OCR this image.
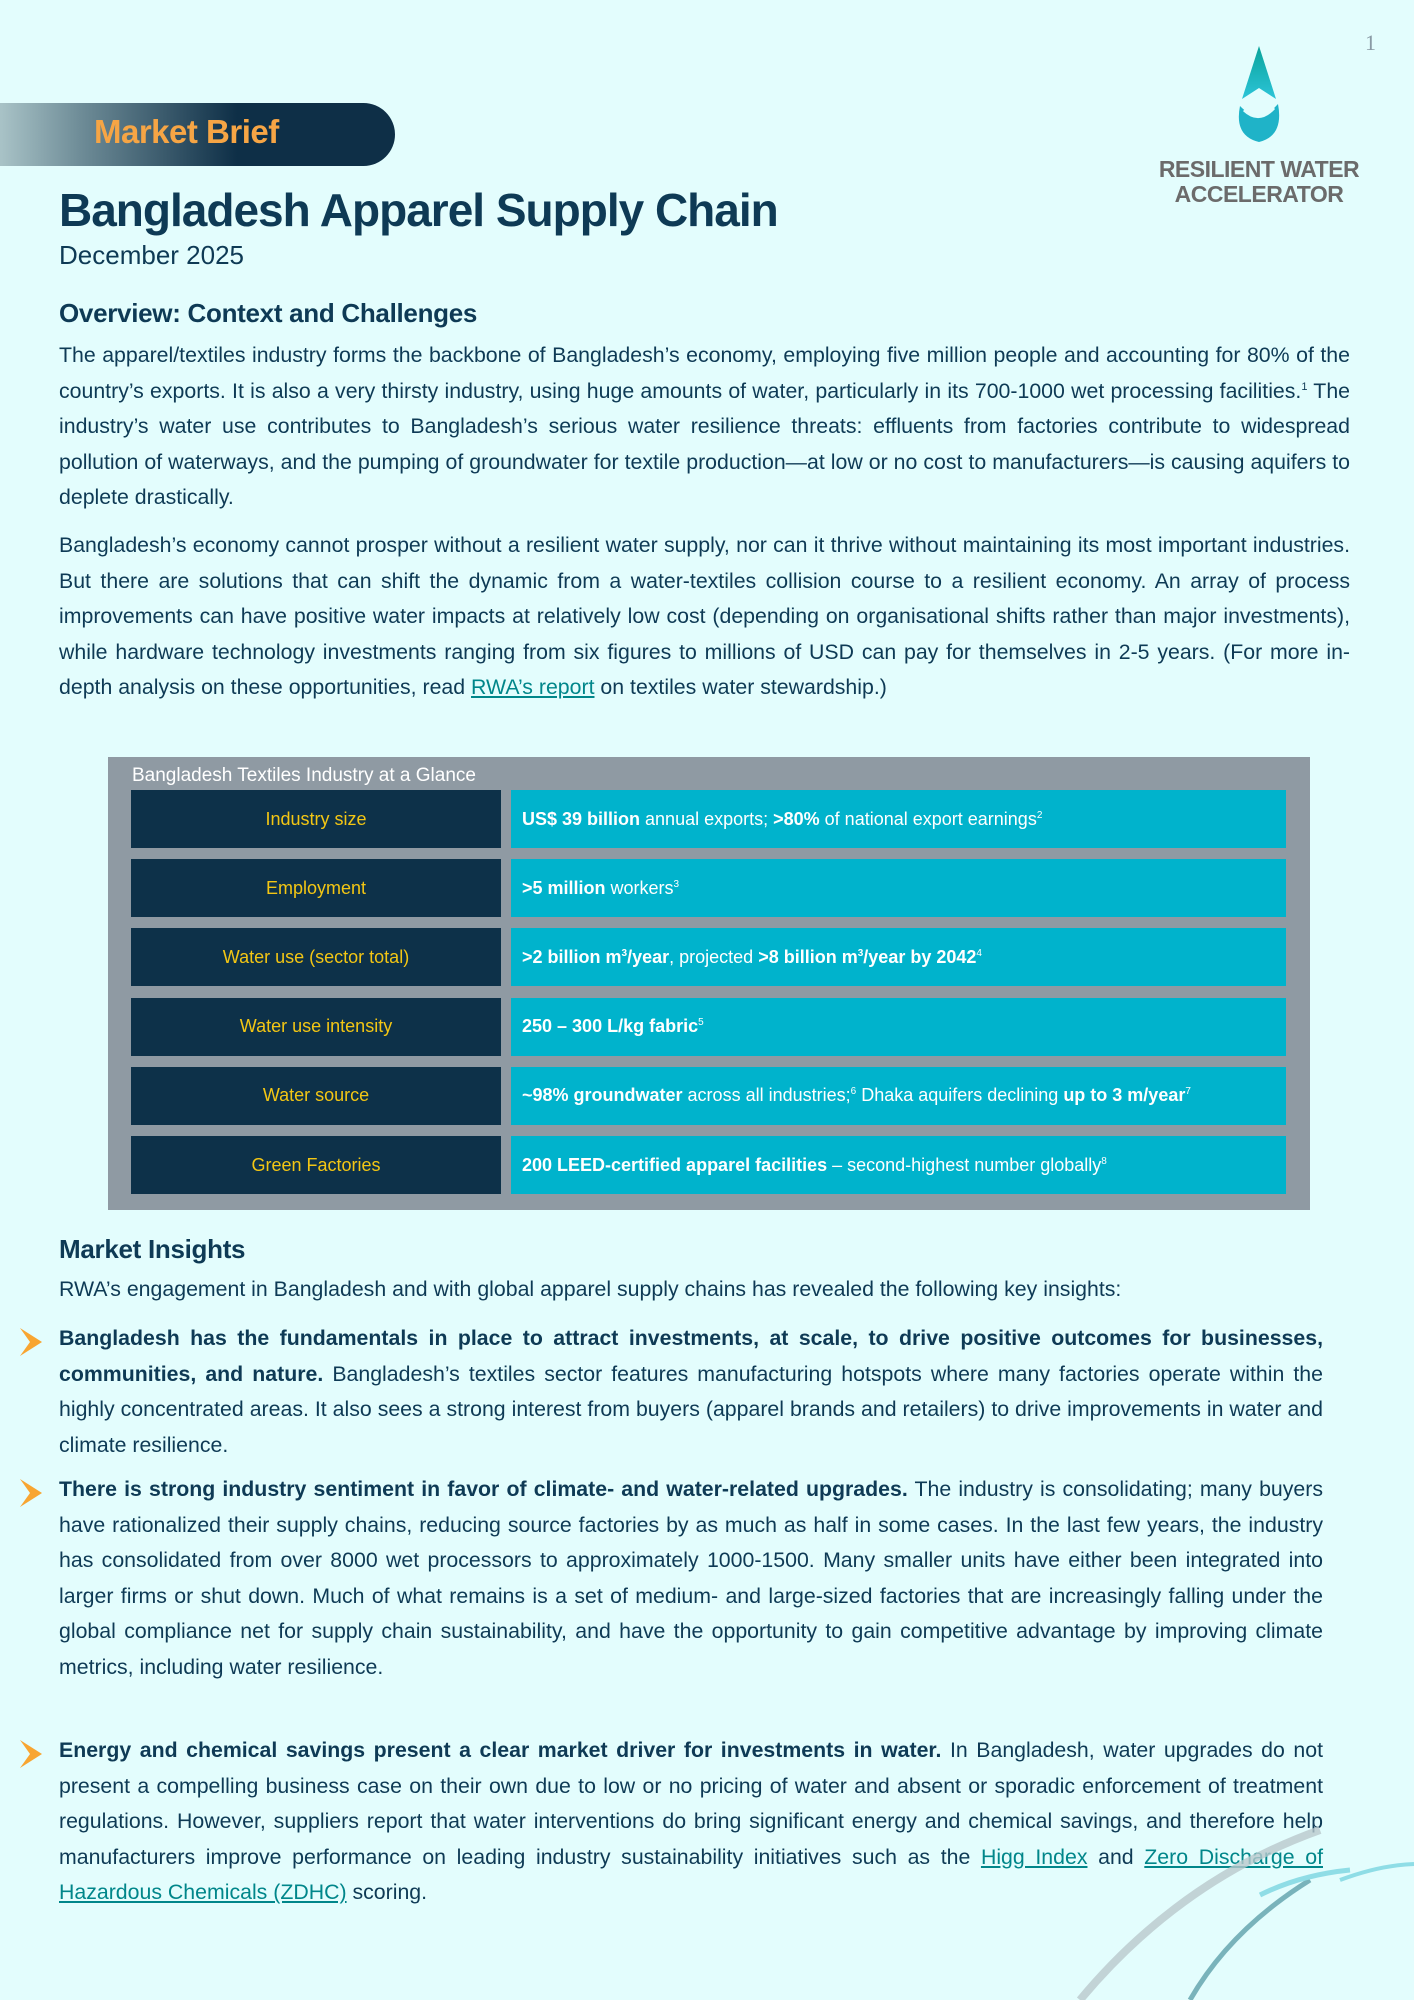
1
RESILIENT WATER
ACCELERATOR
Market Brief
Bangladesh Apparel Supply Chain
December 2025
Overview: Context and Challenges
The apparel/textiles industry forms the backbone of Bangladesh’s economy, employing five million people and accounting for 80% of the country’s exports. It is also a very thirsty industry, using huge amounts of water, particularly in its 700-1000 wet processing facilities.$^1$ The industry’s water use contributes to Bangladesh’s serious water resilience threats: effluents from factories contribute to widespread pollution of waterways, and the pumping of groundwater for textile production—at low or no cost to manufacturers—is causing aquifers to deplete drastically.
Bangladesh’s economy cannot prosper without a resilient water supply, nor can it thrive without maintaining its most important industries. But there are solutions that can shift the dynamic from a water-textiles collision course to a resilient economy. An array of process improvements can have positive water impacts at relatively low cost (depending on organisational shifts rather than major investments), while hardware technology investments ranging from six figures to millions of USD can pay for themselves in 2-5 years. (For more in-depth analysis on these opportunities, read RWA’s report on textiles water stewardship.)
Bangladesh Textiles Industry at a Glance
Industry size	US$ 39 billion annual exports; >80% of national export earnings$^2$
Employment	>5 million workers$^3$
Water use (sector total)	>2 billion $m^3$/year, projected >8 billion $m^3$/year by 2042$^4$
Water use intensity	250 – 300 L/kg fabric$^5$
Water source	~98% groundwater across all industries;$^6$ Dhaka aquifers declining up to 3 m/year$^7$
Green Factories	200 LEED-certified apparel facilities – second-highest number globally$^8$
Market Insights
RWA’s engagement in Bangladesh and with global apparel supply chains has revealed the following key insights:
Bangladesh has the fundamentals in place to attract investments, at scale, to drive positive outcomes for businesses, communities, and nature. Bangladesh’s textiles sector features manufacturing hotspots where many factories operate within the highly concentrated areas. It also sees a strong interest from buyers (apparel brands and retailers) to drive improvements in water and climate resilience.
There is strong industry sentiment in favor of climate- and water-related upgrades. The industry is consolidating; many buyers have rationalized their supply chains, reducing source factories by as much as half in some cases. In the last few years, the industry has consolidated from over 8000 wet processors to approximately 1000-1500. Many smaller units have either been integrated into larger firms or shut down. Much of what remains is a set of medium- and large-sized factories that are increasingly falling under the global compliance net for supply chain sustainability, and have the opportunity to gain competitive advantage by improving climate metrics, including water resilience.
Energy and chemical savings present a clear market driver for investments in water. In Bangladesh, water upgrades do not present a compelling business case on their own due to low or no pricing of water and absent or sporadic enforcement of treatment regulations. However, suppliers report that water interventions do bring significant energy and chemical savings, and therefore help manufacturers improve performance on leading industry sustainability initiatives such as the Higg Index and Zero Discharge of Hazardous Chemicals (ZDHC) scoring.
